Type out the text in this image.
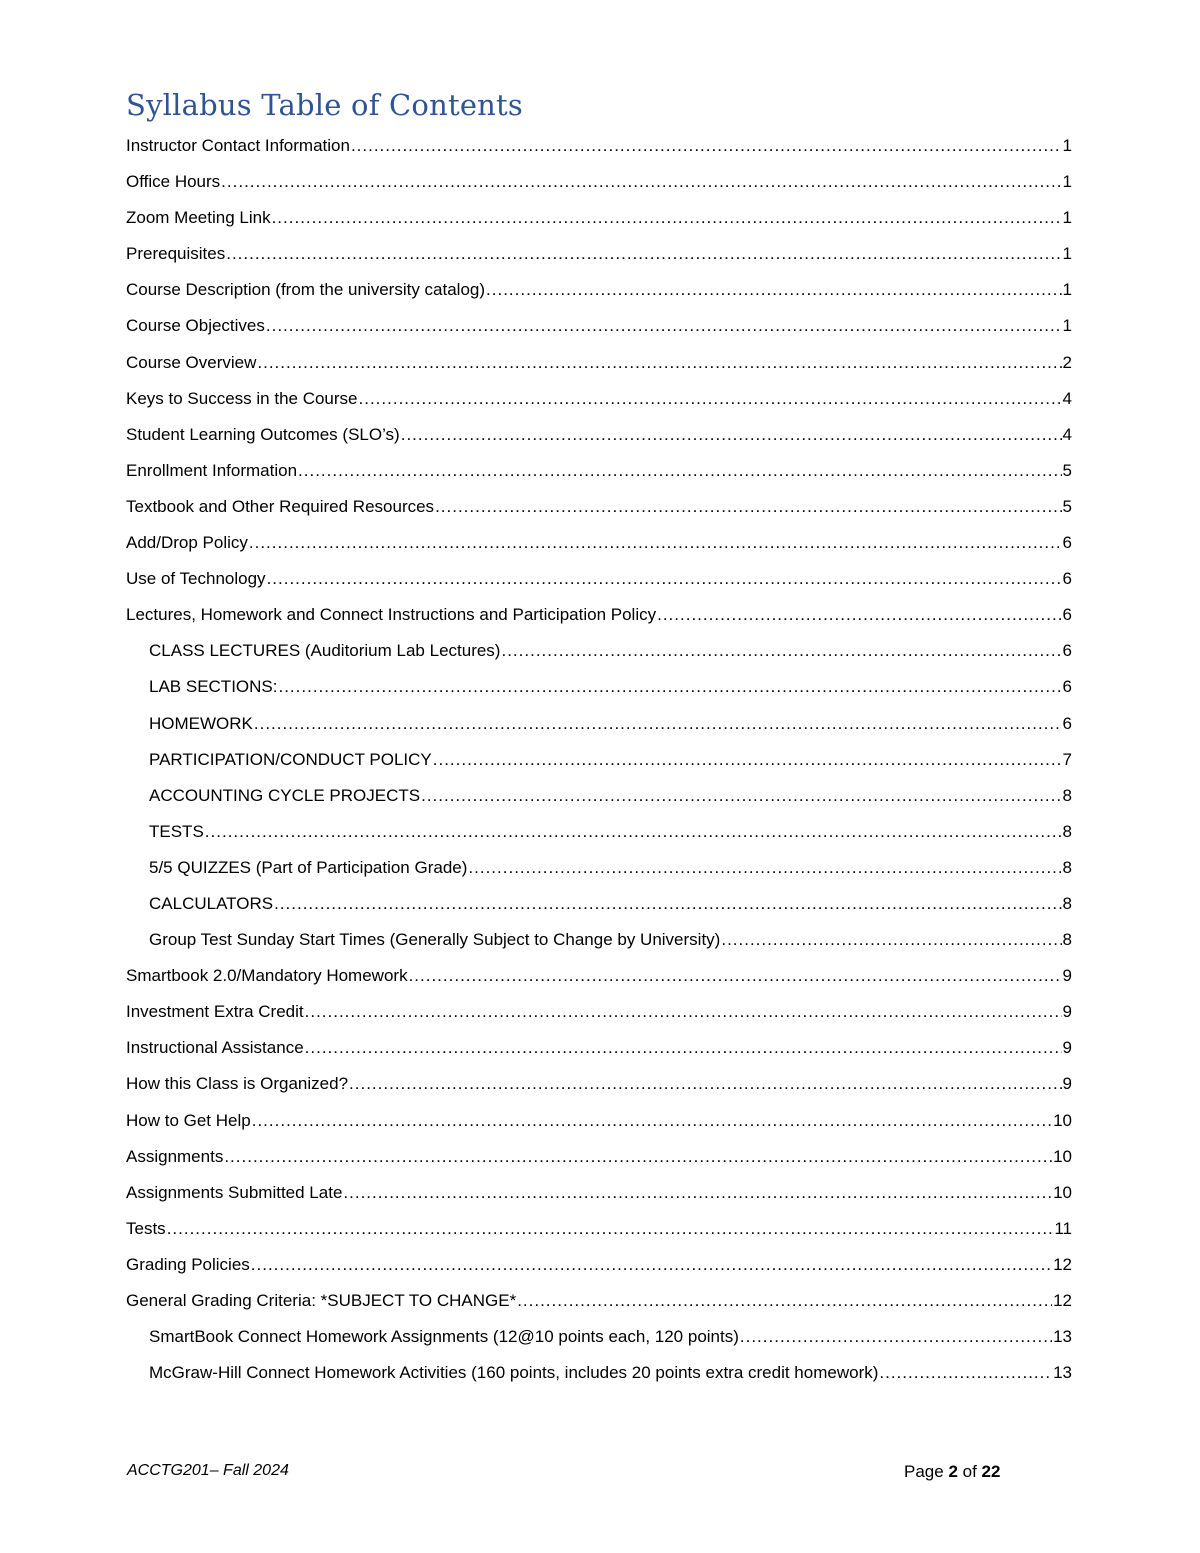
Syllabus Table of Contents
Instructor Contact Information .....	1
Office Hours .....	1
Zoom Meeting Link .....	1
Prerequisites .....	1
Course Description (from the university catalog) .....	1
Course Objectives .....	1
Course Overview .....	2
Keys to Success in the Course .....	4
Student Learning Outcomes (SLO’s) .....	4
Enrollment Information .....	5
Textbook and Other Required Resources .....	5
Add/Drop Policy .....	6
Use of Technology .....	6
Lectures, Homework and Connect Instructions and Participation Policy .....	6
CLASS LECTURES (Auditorium Lab Lectures) .....	6
LAB SECTIONS: .....	6
HOMEWORK .....	6
PARTICIPATION/CONDUCT POLICY .....	7
ACCOUNTING CYCLE PROJECTS .....	8
TESTS .....	8
5/5 QUIZZES (Part of Participation Grade) .....	8
CALCULATORS .....	8
Group Test Sunday Start Times (Generally Subject to Change by University) .....	8
Smartbook 2.0/Mandatory Homework .....	9
Investment Extra Credit .....	9
Instructional Assistance .....	9
How this Class is Organized? .....	9
How to Get Help .....	10
Assignments .....	10
Assignments Submitted Late .....	10
Tests .....	11
Grading Policies .....	12
General Grading Criteria: *SUBJECT TO CHANGE* .....	12
SmartBook Connect Homework Assignments (12@10 points each, 120 points) .....	13
McGraw-Hill Connect Homework Activities (160 points, includes 20 points extra credit homework) .....	13
ACCTG201– Fall 2024	Page 2 of 22
